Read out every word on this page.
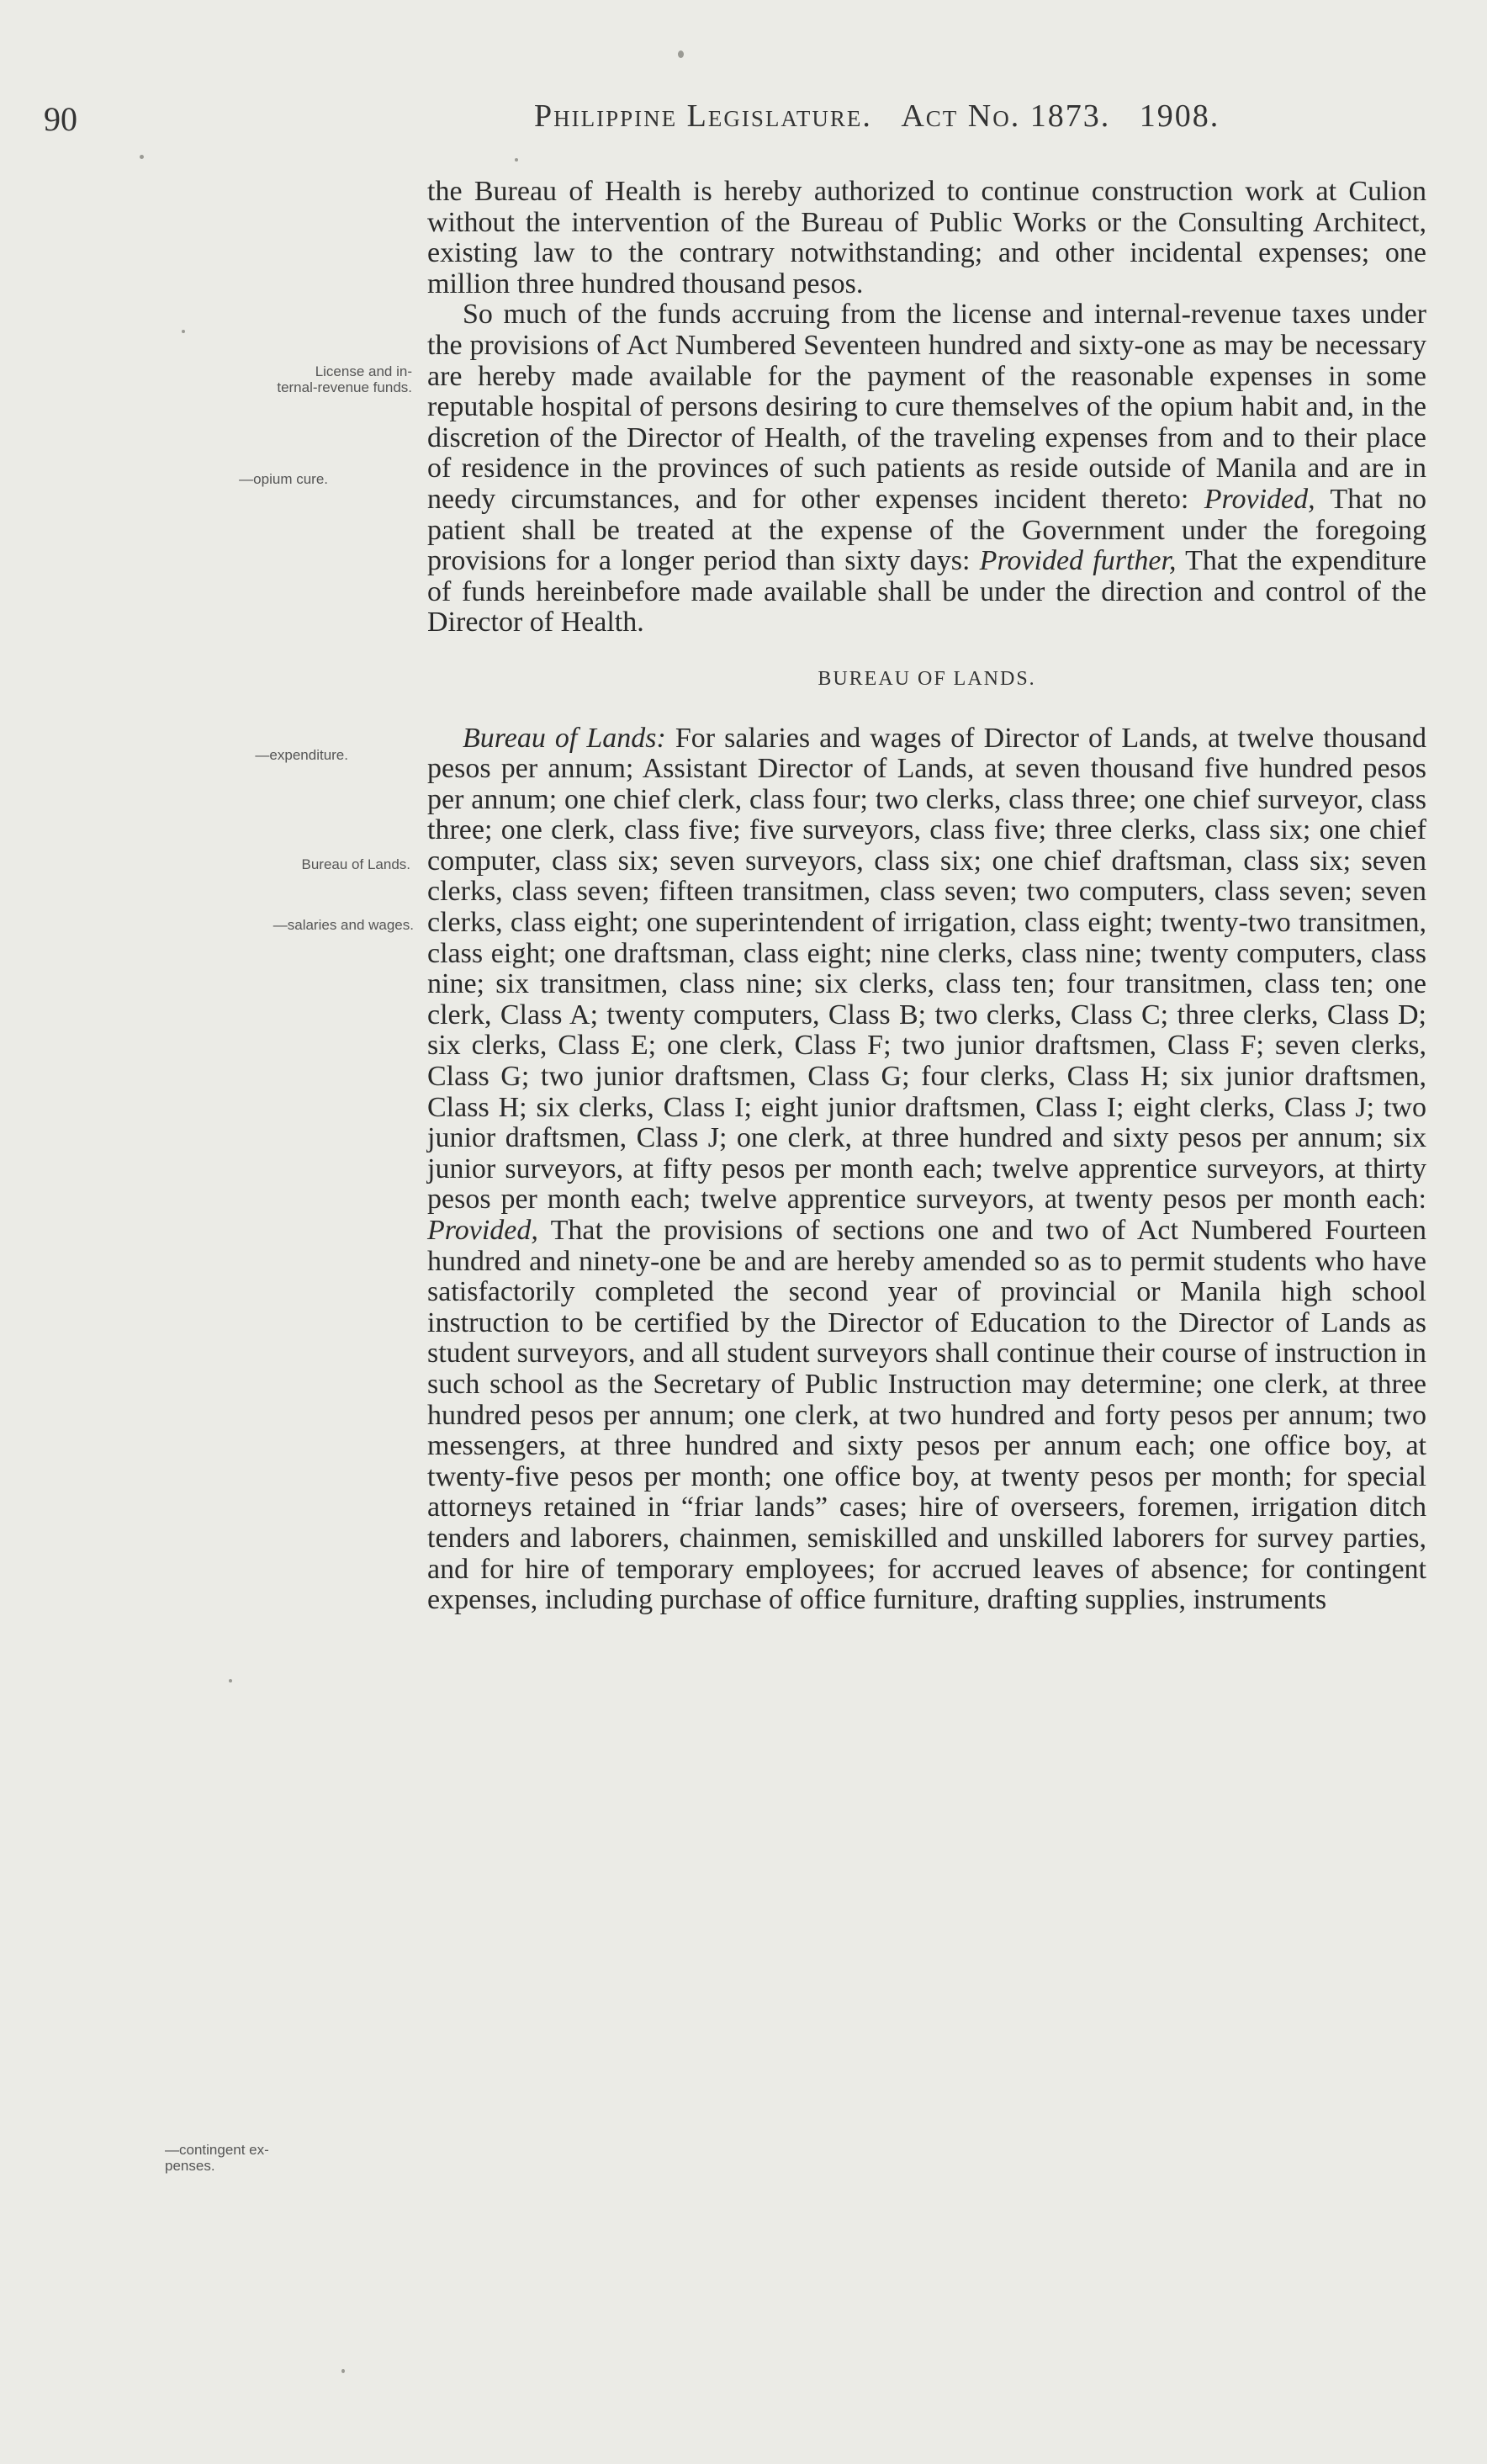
90	Philippine Legislature. Act No. 1873. 1908.
License and in-
ternal-revenue funds.
—opium cure.
—expenditure.
Bureau of Lands.
—salaries and wages.
—contingent ex-
penses.

the Bureau of Health is hereby authorized to continue construction work at Culion without the intervention of the Bureau of Public Works or the Consulting Architect, existing law to the contrary notwithstanding; and other incidental expenses; one million three hundred thousand pesos.

So much of the funds accruing from the license and internal-revenue taxes under the provisions of Act Numbered Seventeen hundred and sixty-one as may be necessary are hereby made available for the payment of the reasonable expenses in some reputable hospital of persons desiring to cure themselves of the opium habit and, in the discretion of the Director of Health, of the traveling expenses from and to their place of residence in the provinces of such patients as reside outside of Manila and are in needy circumstances, and for other expenses incident thereto: Provided, That no patient shall be treated at the expense of the Government under the foregoing provisions for a longer period than sixty days: Provided further, That the expenditure of funds hereinbefore made available shall be under the direction and control of the Director of Health.

BUREAU OF LANDS.

Bureau of Lands: For salaries and wages of Director of Lands, at twelve thousand pesos per annum; Assistant Director of Lands, at seven thousand five hundred pesos per annum; one chief clerk, class four; two clerks, class three; one chief surveyor, class three; one clerk, class five; five surveyors, class five; three clerks, class six; one chief computer, class six; seven surveyors, class six; one chief draftsman, class six; seven clerks, class seven; fifteen transitmen, class seven; two computers, class seven; seven clerks, class eight; one superintendent of irrigation, class eight; twenty-two transitmen, class eight; one draftsman, class eight; nine clerks, class nine; twenty computers, class nine; six transitmen, class nine; six clerks, class ten; four transitmen, class ten; one clerk, Class A; twenty computers, Class B; two clerks, Class C; three clerks, Class D; six clerks, Class E; one clerk, Class F; two junior draftsmen, Class F; seven clerks, Class G; two junior draftsmen, Class G; four clerks, Class H; six junior draftsmen, Class H; six clerks, Class I; eight junior draftsmen, Class I; eight clerks, Class J; two junior draftsmen, Class J; one clerk, at three hundred and sixty pesos per annum; six junior surveyors, at fifty pesos per month each; twelve apprentice surveyors, at thirty pesos per month each; twelve apprentice surveyors, at twenty pesos per month each: Provided, That the provisions of sections one and two of Act Numbered Fourteen hundred and ninety-one be and are hereby amended so as to permit students who have satisfactorily completed the second year of provincial or Manila high school instruction to be certified by the Director of Education to the Director of Lands as student surveyors, and all student surveyors shall continue their course of instruction in such school as the Secretary of Public Instruction may determine; one clerk, at three hundred pesos per annum; one clerk, at two hundred and forty pesos per annum; two messengers, at three hundred and sixty pesos per annum each; one office boy, at twenty-five pesos per month; one office boy, at twenty pesos per month; for special attorneys retained in “friar lands” cases; hire of overseers, foremen, irrigation ditch tenders and laborers, chainmen, semiskilled and unskilled laborers for survey parties, and for hire of temporary employees; for accrued leaves of absence; for contingent expenses, including purchase of office furniture, drafting supplies, instruments
